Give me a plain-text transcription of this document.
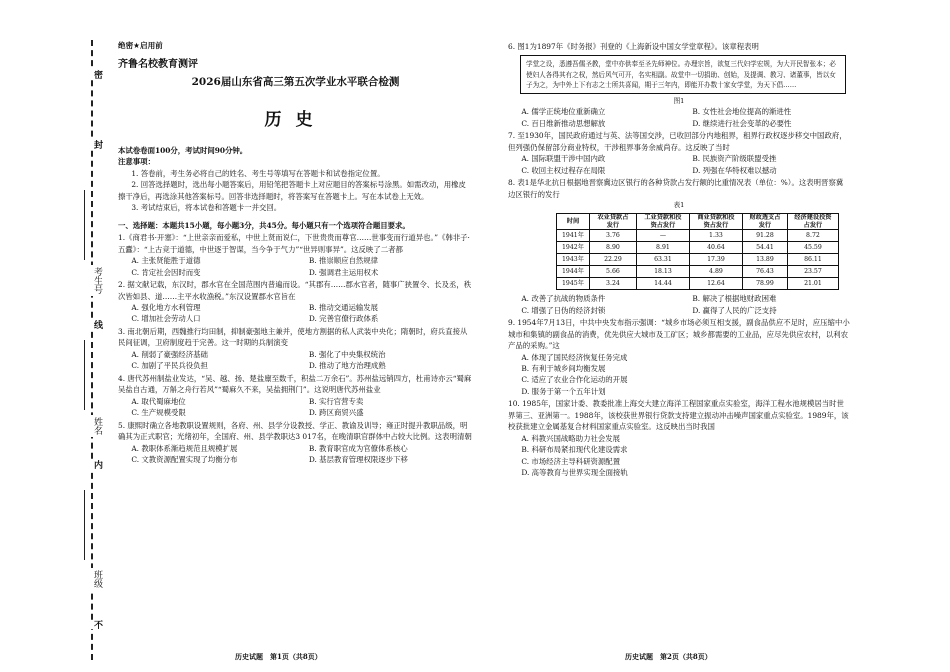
密
封
考生号
线
姓名
内
班级
不

绝密★启用前

齐鲁名校教育测评

2026届山东省高三第五次学业水平联合检测

历史

本试卷卷面100分，考试时间90分钟。

注意事项：

1. 答卷前，考生务必将自己的姓名、考生号等填写在答题卡和试卷指定位置。

2. 回答选择题时，选出每小题答案后，用铅笔把答题卡上对应题目的答案标号涂黑。如需改动，用橡皮擦干净后，再选涂其他答案标号。回答非选择题时，将答案写在答题卡上。写在本试卷上无效。

3. 考试结束后，将本试卷和答题卡一并交回。

一、选择题：本题共15小题，每小题3分，共45分。每小题只有一个选项符合题目要求。

1.《商君书·开塞》：“上世亲亲而爱私，中世上贤而说仁，下世贵贵而尊官……世事变而行道异也。”《韩非子·五蠹》：“上古竞于道德，中世逐于智谋，当今争于气力”“世异则事异”。这反映了二者都

A. 主张贤能胜于道德	B. 推崇顺应自然规律
C. 肯定社会因时而变	D. 强调君主运用权术

2. 据文献记载，东汉时，郡水官在全国范围内普遍而设。“其郡有……郡水官者，随事广狭置令、长及丞，秩次皆如县、道……主平水收漁税。”东汉设置郡水官旨在

A. 强化地方水利管理	B. 推动交通运输发展
C. 增加社会劳动人口	D. 完善官僚行政体系

3. 南北朝后期，西魏推行均田制，抑制豪强地主兼并，使地方割据的私人武装中央化；隋朝时，府兵直接从民间征调，卫府制度趋于完善。这一时期的兵制演变

A. 削弱了豪强经济基础	B. 强化了中央集权统治
C. 加剧了平民兵役负担	D. 推动了地方治理成熟

4. 唐代苏州制盐业发达，“吴、越、扬、楚盐廪至数千，积盐二万余石”。苏州盐远销四方，杜甫诗亦云“蜀麻吴盐自古通，万斛之舟行若风”“蜀麻久不来，吴盐拥荆门”。这说明唐代苏州盐业

A. 取代蜀麻地位	B. 实行官营专卖
C. 生产规模受限	D. 跨区商贸兴盛

5. 康熙时确立各地教职设置规则，各府、州、县学分设教授、学正、教谕及训导；雍正时提升教职品级，明确其为正式职官；光绪初年，全国府、州、县学教职达3 017名，在晚清职官群体中占较大比例。这表明清朝

A. 教职体系渐趋规范且规模扩展	B. 教育职官成为官僚体系核心
C. 文教资源配置实现了均衡分布	D. 基层教育管理权限逐步下移

6. 图1为1897年《时务报》刊登的《上海新设中国女学堂章程》。该章程表明

学堂之设，悉遵吾儒圣教，堂中亦供奉至圣先师神位。办理宗旨，欲复三代妇学宏规，为大开民智张本；必使妇人各得其有之权，然后风气可开，名实相副。故堂中一切捐助、创始，及提调、教习、诸董事，皆以女子为之，为中外上下有志之士所共喜闻，期于三年内，即能开办数十家女学堂，为天下倡……

图1

A. 儒学正统地位重新确立	B. 女性社会地位提高的渐进性
C. 百日维新推动思想解放	D. 继续进行社会变革的必要性

7. 至1930年，国民政府通过与英、法等国交涉，已收回部分内地租界，租界行政权逐步移交中国政府，但列强仍保留部分商业特权，干涉租界事务余威尚存。这反映了当时

A. 国际联盟干涉中国内政	B. 民族资产阶级联盟受挫
C. 收回主权过程存在局限	D. 列强在华特权难以撼动

8. 表1是华北抗日根据地晋察冀边区银行的各种贷款占发行额的比重情况表（单位：%）。这表明晋察冀边区银行的发行

表1

时间	农业贷款占发行	工业贷款和投资占发行	商业贷款和投资占发行	财政透支占发行	经济建设投资占发行
1941年	3.76	—	1.33	91.28	8.72
1942年	8.90	8.91	40.64	54.41	45.59
1943年	22.29	63.31	17.39	13.89	86.11
1944年	5.66	18.13	4.89	76.43	23.57
1945年	3.24	14.44	12.64	78.99	21.01
A. 改善了抗战的物质条件	B. 解决了根据地财政困难
C. 增强了日伪的经济封锁	D. 赢得了人民的广泛支持

9. 1954年7月13日，中共中央发布指示强调：“城乡市场必须互相支援，副食品供应不足时，应压缩中小城市和集镇的副食品的消费，优先供应大城市及工矿区；城乡都需要的工业品，应尽先供应农村，以利农产品的采购。”这

A. 体现了国民经济恢复任务完成

B. 有利于城乡间均衡发展

C. 适应了农业合作化运动的开展

D. 服务于第一个五年计划

10. 1985年，国家计委、教委批准上海交大建立海洋工程国家重点实验室，海洋工程水池规模居当时世界第三、亚洲第一。1988年，该校获世界银行贷款支持建立振动冲击噪声国家重点实验室。1989年，该校获批建立金属基复合材料国家重点实验室。这反映出当时我国

A. 科教兴国战略助力社会发展

B. 科研布局紧扣现代化建设需求

C. 市场经济主导科研资源配置

D. 高等教育与世界实现全面接轨

历史试题　第1页（共8页）	历史试题　第2页（共8页）
